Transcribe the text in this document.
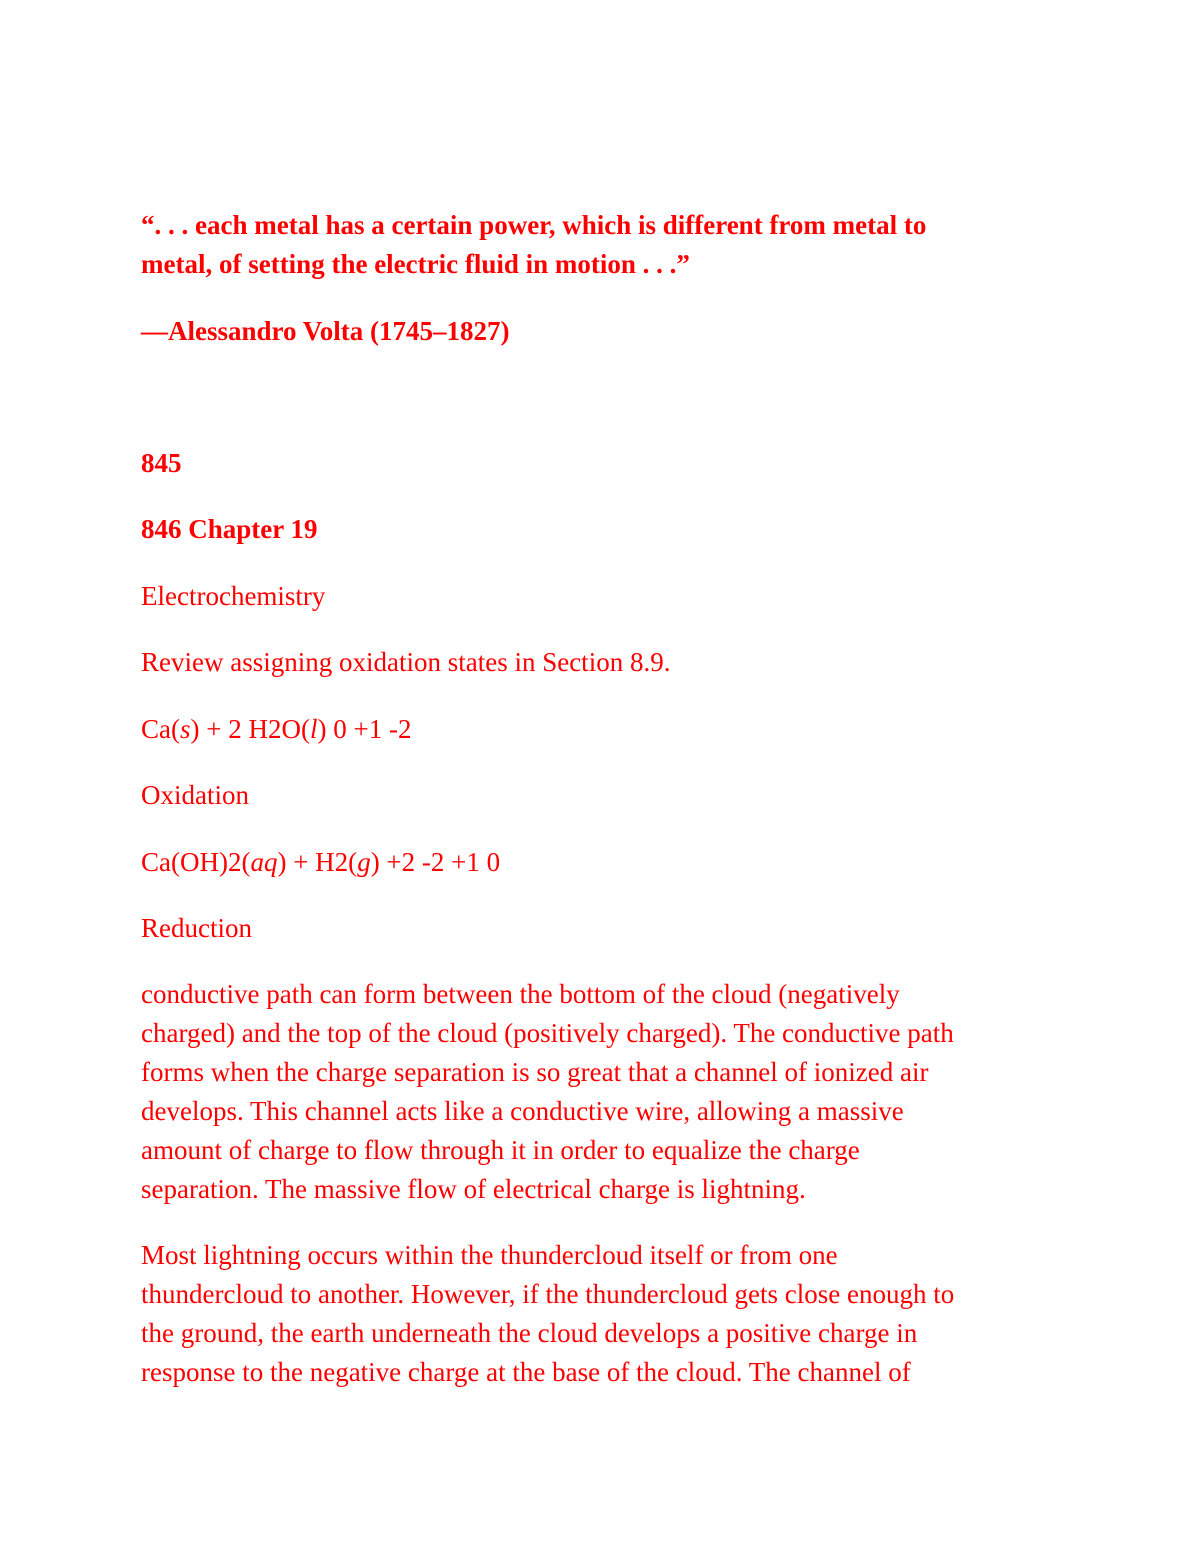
“. . . each metal has a certain power, which is different from metal to
metal, of setting the electric fluid in motion . . .”
—Alessandro Volta (1745–1827)
845
846 Chapter 19
Electrochemistry
Review assigning oxidation states in Section 8.9.
Ca(s) + 2 H2O(l) 0 +1 -2
Oxidation
Ca(OH)2(aq) + H2(g) +2 -2 +1 0
Reduction
conductive path can form between the bottom of the cloud (negatively
charged) and the top of the cloud (positively charged). The conductive path
forms when the charge separation is so great that a channel of ionized air
develops. This channel acts like a conductive wire, allowing a massive
amount of charge to flow through it in order to equalize the charge
separation. The massive flow of electrical charge is lightning.
Most lightning occurs within the thundercloud itself or from one
thundercloud to another. However, if the thundercloud gets close enough to
the ground, the earth underneath the cloud develops a positive charge in
response to the negative charge at the base of the cloud. The channel of
